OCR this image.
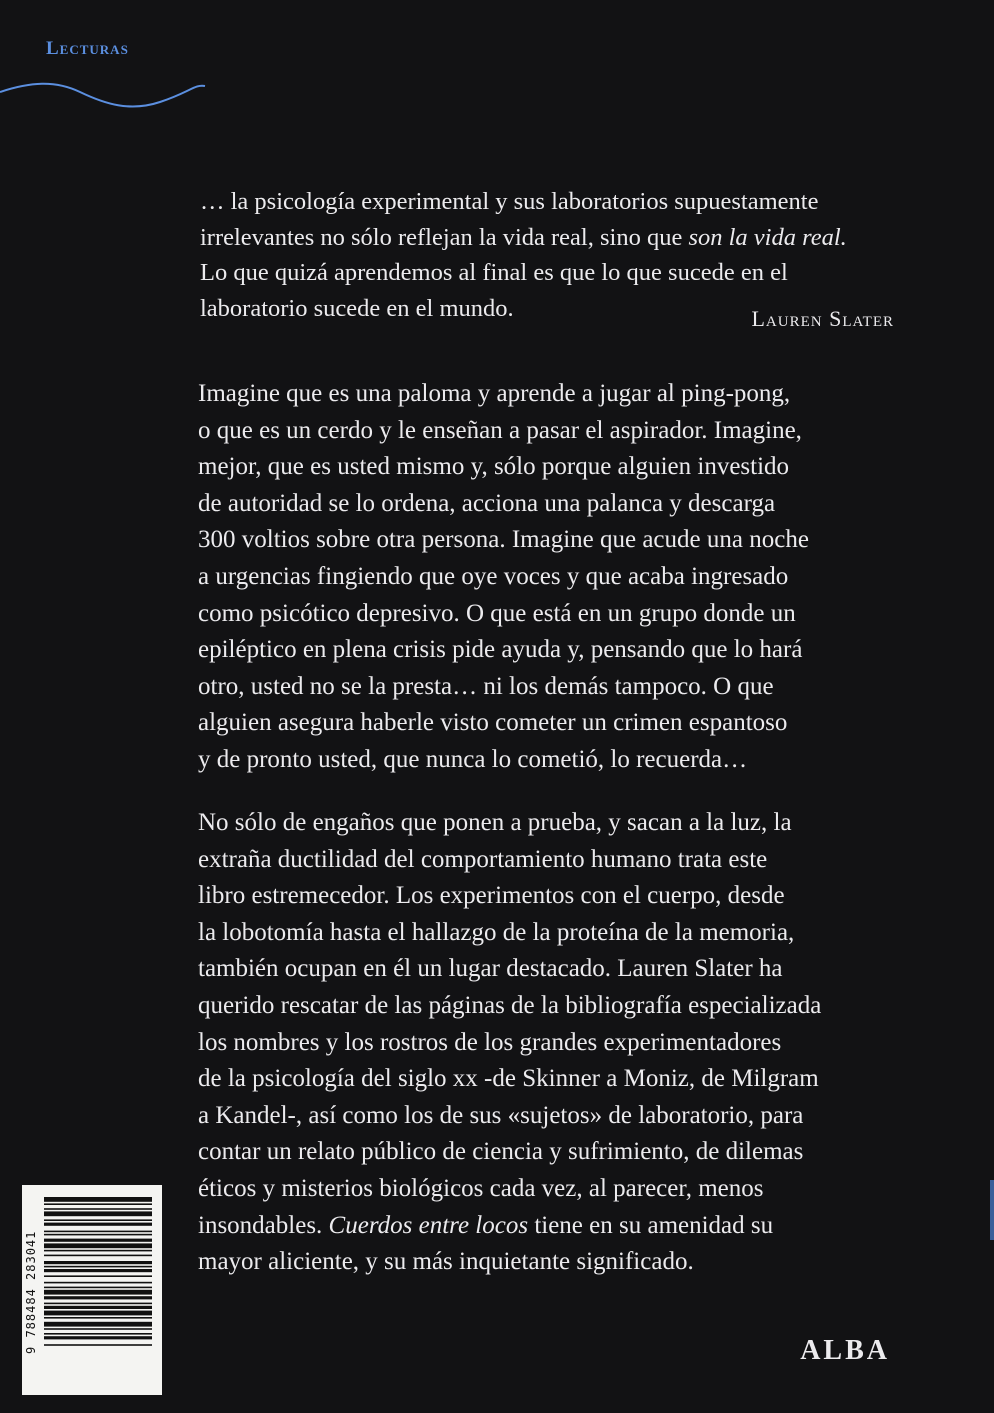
Lecturas
… la psicología experimental y sus laboratorios supuestamente
irrelevantes no sólo reflejan la vida real, sino que son la vida real.
Lo que quizá aprendemos al final es que lo que sucede en el
laboratorio sucede en el mundo.	Lauren Slater
Imagine que es una paloma y aprende a jugar al ping-pong,
o que es un cerdo y le enseñan a pasar el aspirador. Imagine,
mejor, que es usted mismo y, sólo porque alguien investido
de autoridad se lo ordena, acciona una palanca y descarga
300 voltios sobre otra persona. Imagine que acude una noche
a urgencias fingiendo que oye voces y que acaba ingresado
como psicótico depresivo. O que está en un grupo donde un
epiléptico en plena crisis pide ayuda y, pensando que lo hará
otro, usted no se la presta… ni los demás tampoco. O que
alguien asegura haberle visto cometer un crimen espantoso
y de pronto usted, que nunca lo cometió, lo recuerda…
No sólo de engaños que ponen a prueba, y sacan a la luz, la
extraña ductilidad del comportamiento humano trata este
libro estremecedor. Los experimentos con el cuerpo, desde
la lobotomía hasta el hallazgo de la proteína de la memoria,
también ocupan en él un lugar destacado. Lauren Slater ha
querido rescatar de las páginas de la bibliografía especializada
los nombres y los rostros de los grandes experimentadores
de la psicología del siglo xx -de Skinner a Moniz, de Milgram
a Kandel-, así como los de sus «sujetos» de laboratorio, para
contar un relato público de ciencia y sufrimiento, de dilemas
éticos y misterios biológicos cada vez, al parecer, menos
insondables. Cuerdos entre locos tiene en su amenidad su
mayor aliciente, y su más inquietante significado.
9 788484 283041	ALBA
